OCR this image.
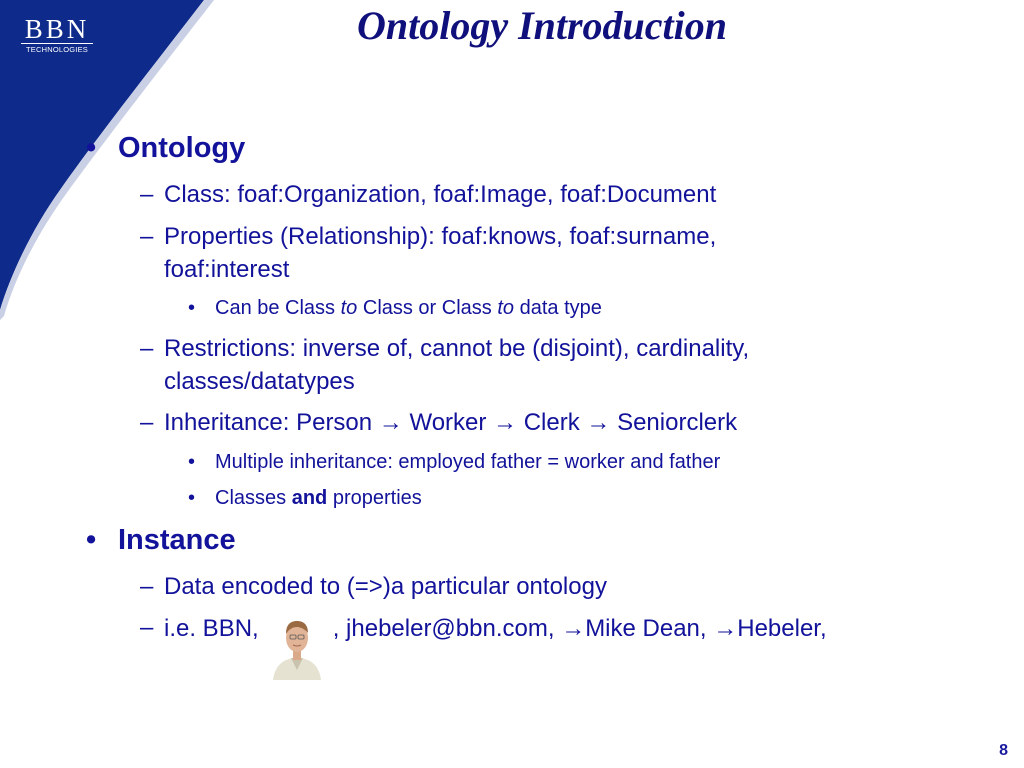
BBN
TECHNOLOGIES
Ontology Introduction
• Ontology
– Class: foaf:Organization, foaf:Image, foaf:Document
– Properties (Relationship): foaf:knows, foaf:surname,
foaf:interest
• Can be Class to Class or Class to data type
– Restrictions: inverse of, cannot be (disjoint), cardinality,
classes/datatypes
– Inheritance: Person → Worker → Clerk → Seniorclerk
• Multiple inheritance: employed father = worker and father
• Classes and properties
• Instance
– Data encoded to (=>)a particular ontology
– i.e. BBN,	, jhebeler@bbn.com, →Mike Dean, →Hebeler,
8
